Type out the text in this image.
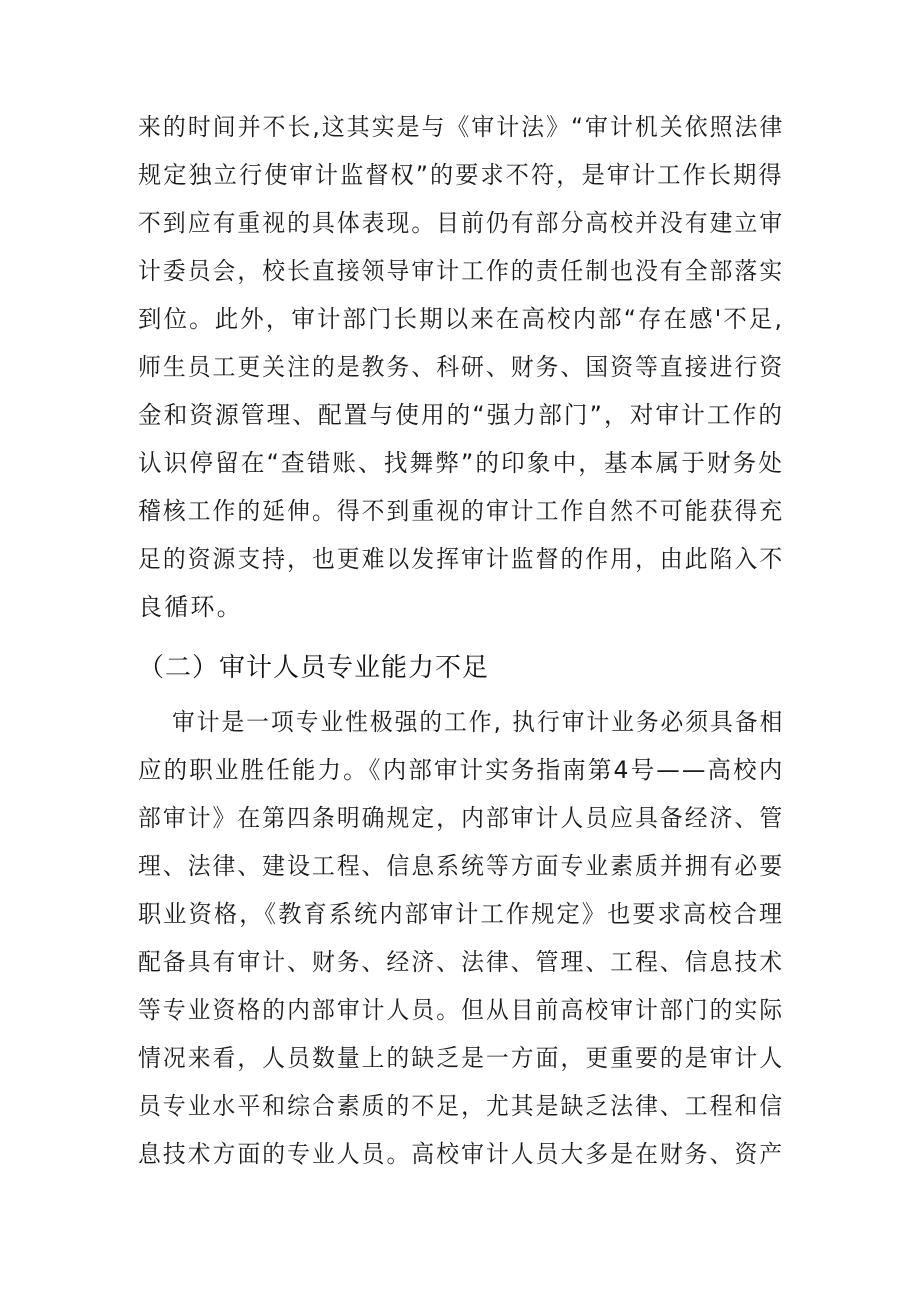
来的时间并不长,这其实是与《审计法》“审计机关依照法律
规定独立行使审计监督权”的要求不符，是审计工作长期得
不到应有重视的具体表现。目前仍有部分高校并没有建立审
计委员会，校长直接领导审计工作的责任制也没有全部落实
到位。此外，审计部门长期以来在高校内部“存在感'不足,
师生员工更关注的是教务、科研、财务、国资等直接进行资
金和资源管理、配置与使用的“强力部门”，对审计工作的
认识停留在“查错账、找舞弊”的印象中，基本属于财务处
稽核工作的延伸。得不到重视的审计工作自然不可能获得充
足的资源支持，也更难以发挥审计监督的作用，由此陷入不
良循环。
（二）审计人员专业能力不足
审计是一项专业性极强的工作, 执行审计业务必须具备相
应的职业胜任能力。《内部审计实务指南第4号——高校内
部审计》在第四条明确规定，内部审计人员应具备经济、管
理、法律、建设工程、信息系统等方面专业素质并拥有必要
职业资格，《教育系统内部审计工作规定》也要求高校合理
配备具有审计、财务、经济、法律、管理、工程、信息技术
等专业资格的内部审计人员。但从目前高校审计部门的实际
情况来看，人员数量上的缺乏是一方面，更重要的是审计人
员专业水平和综合素质的不足，尤其是缺乏法律、工程和信
息技术方面的专业人员。高校审计人员大多是在财务、资产
